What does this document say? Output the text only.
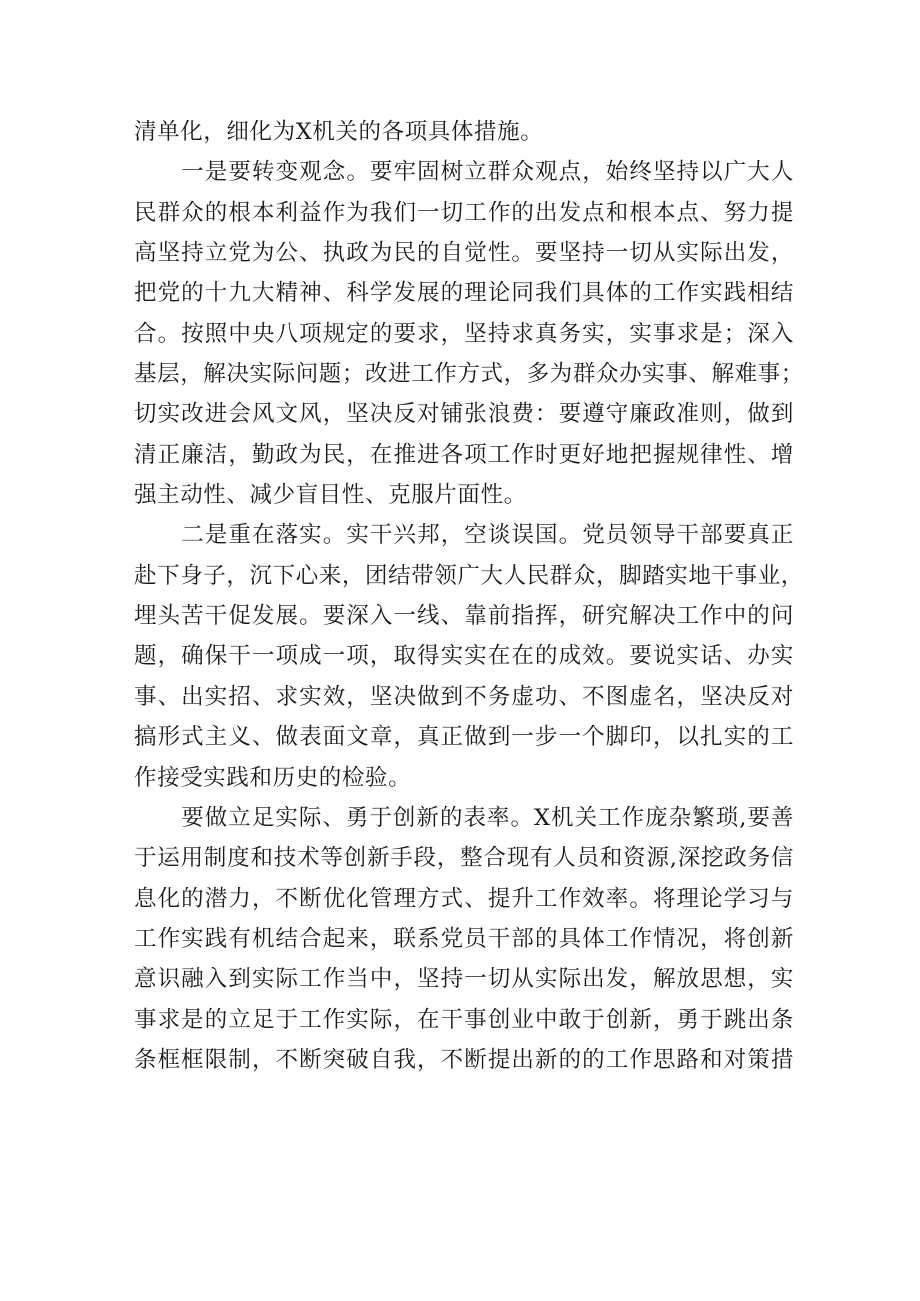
清单化，细化为X机关的各项具体措施。

一是要转变观念。要牢固树立群众观点，始终坚持以广大人
民群众的根本利益作为我们一切工作的出发点和根本点、努力提
高坚持立党为公、执政为民的自觉性。要坚持一切从实际出发，
把党的十九大精神、科学发展的理论同我们具体的工作实践相结
合。按照中央八项规定的要求，坚持求真务实，实事求是；深入
基层，解决实际问题；改进工作方式，多为群众办实事、解难事；
切实改进会风文风，坚决反对铺张浪费：要遵守廉政准则，做到
清正廉洁，勤政为民，在推进各项工作时更好地把握规律性、增
强主动性、减少盲目性、克服片面性。

二是重在落实。实干兴邦，空谈误国。党员领导干部要真正
赴下身子，沉下心来，团结带领广大人民群众，脚踏实地干事业，
埋头苦干促发展。要深入一线、靠前指挥，研究解决工作中的问
题，确保干一项成一项，取得实实在在的成效。要说实话、办实
事、出实招、求实效，坚决做到不务虚功、不图虚名，坚决反对
搞形式主义、做表面文章，真正做到一步一个脚印，以扎实的工
作接受实践和历史的检验。

要做立足实际、勇于创新的表率。X机关工作庞杂繁琐,要善
于运用制度和技术等创新手段，整合现有人员和资源,深挖政务信
息化的潜力，不断优化管理方式、提升工作效率。将理论学习与
工作实践有机结合起来，联系党员干部的具体工作情况，将创新
意识融入到实际工作当中，坚持一切从实际出发，解放思想，实
事求是的立足于工作实际，在干事创业中敢于创新，勇于跳出条
条框框限制，不断突破自我，不断提出新的的工作思路和对策措
